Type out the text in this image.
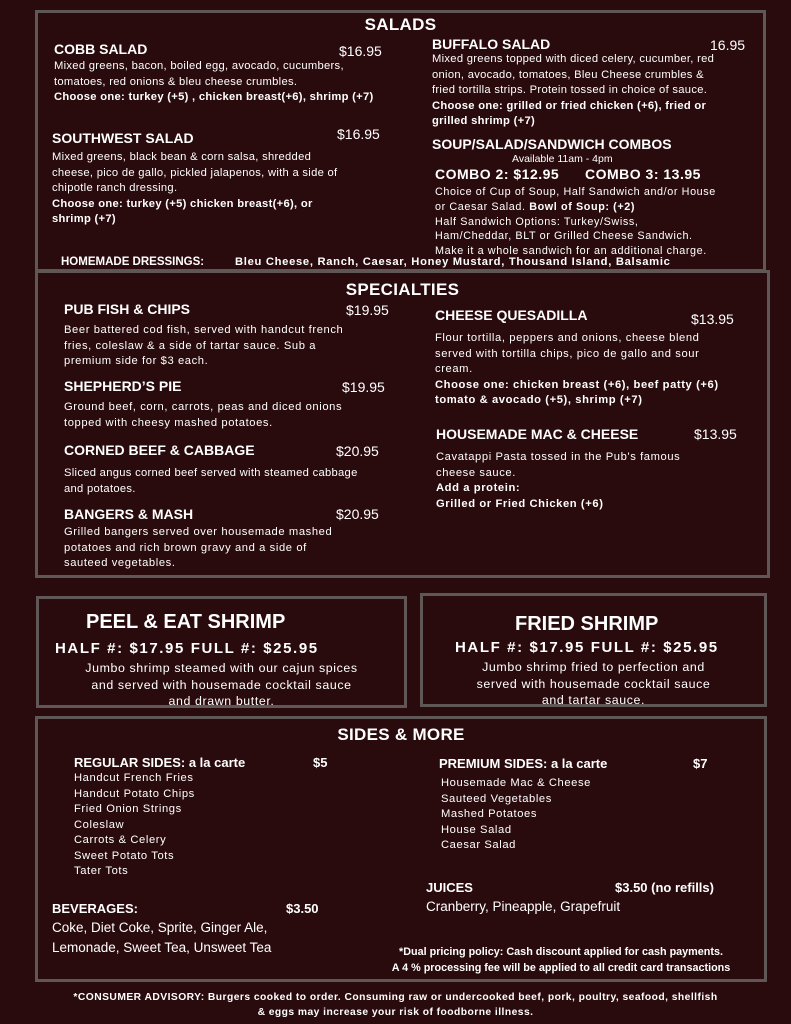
SALADS
COBB SALAD	$16.95
Mixed greens, bacon, boiled egg, avocado, cucumbers,
tomatoes, red onions & bleu cheese crumbles.
Choose one: turkey (+5) , chicken breast(+6), shrimp (+7)
SOUTHWEST SALAD	$16.95
Mixed greens, black bean & corn salsa, shredded
cheese, pico de gallo, pickled jalapenos, with a side of
chipotle ranch dressing.
Choose one: turkey (+5) chicken breast(+6), or
shrimp (+7)
BUFFALO SALAD	16.95
Mixed greens topped with diced celery, cucumber, red
onion, avocado, tomatoes, Bleu Cheese crumbles &
fried tortilla strips. Protein tossed in choice of sauce.
Choose one: grilled or fried chicken (+6), fried or
grilled shrimp (+7)
SOUP/SALAD/SANDWICH COMBOS
Available 11am - 4pm
COMBO 2: $12.95 COMBO 3: 13.95
Choice of Cup of Soup, Half Sandwich and/or House
or Caesar Salad. Bowl of Soup: (+2)
Half Sandwich Options: Turkey/Swiss,
Ham/Cheddar, BLT or Grilled Cheese Sandwich.
Make it a whole sandwich for an additional charge.
HOMEMADE DRESSINGS:	Bleu Cheese, Ranch, Caesar, Honey Mustard, Thousand Island, Balsamic
SPECIALTIES
PUB FISH & CHIPS	$19.95
Beer battered cod fish, served with handcut french
fries, coleslaw & a side of tartar sauce. Sub a
premium side for $3 each.
SHEPHERD’S PIE	$19.95
Ground beef, corn, carrots, peas and diced onions
topped with cheesy mashed potatoes.
CORNED BEEF & CABBAGE	$20.95
Sliced angus corned beef served with steamed cabbage
and potatoes.
BANGERS & MASH	$20.95
Grilled bangers served over housemade mashed
potatoes and rich brown gravy and a side of
sauteed vegetables.
CHEESE QUESADILLA	$13.95
Flour tortilla, peppers and onions, cheese blend
served with tortilla chips, pico de gallo and sour
cream.
Choose one: chicken breast (+6), beef patty (+6)
tomato & avocado (+5), shrimp (+7)
HOUSEMADE MAC & CHEESE	$13.95
Cavatappi Pasta tossed in the Pub's famous
cheese sauce.
Add a protein:
Grilled or Fried Chicken (+6)
PEEL & EAT SHRIMP
HALF #: $17.95 FULL #: $25.95
Jumbo shrimp steamed with our cajun spices
and served with housemade cocktail sauce
and drawn butter.
FRIED SHRIMP
HALF #: $17.95 FULL #: $25.95
Jumbo shrimp fried to perfection and
served with housemade cocktail sauce
and tartar sauce.
SIDES & MORE
REGULAR SIDES: a la carte	$5
Handcut French Fries
Handcut Potato Chips
Fried Onion Strings
Coleslaw
Carrots & Celery
Sweet Potato Tots
Tater Tots
PREMIUM SIDES: a la carte	$7
Housemade Mac & Cheese
Sauteed Vegetables
Mashed Potatoes
House Salad
Caesar Salad
JUICES	$3.50 (no refills)
Cranberry, Pineapple, Grapefruit
BEVERAGES:	$3.50
Coke, Diet Coke, Sprite, Ginger Ale,
Lemonade, Sweet Tea, Unsweet Tea	*Dual pricing policy: Cash discount applied for cash payments.
A 4 % processing fee will be applied to all credit card transactions
*CONSUMER ADVISORY: Burgers cooked to order. Consuming raw or undercooked beef, pork, poultry, seafood, shellfish
& eggs may increase your risk of foodborne illness.
